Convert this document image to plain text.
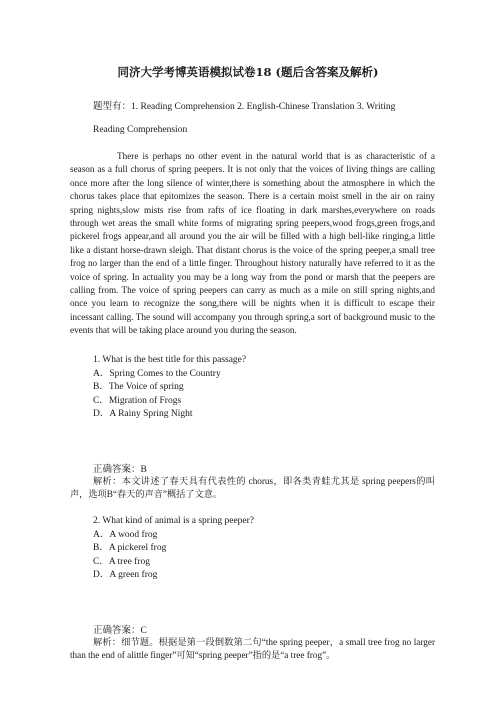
同济大学考博英语模拟试卷18 (题后含答案及解析)
题型有：1. Reading Comprehension 2. English-Chinese Translation 3. Writing
Reading Comprehension
There is perhaps no other event in the natural world that is as characteristic of a season as a full chorus of spring peepers. It is not only that the voices of living things are calling once more after the long silence of winter,there is something about the atmosphere in which the chorus takes place that epitomizes the season. There is a certain moist smell in the air on rainy spring nights,slow mists rise from rafts of ice floating in dark marshes,everywhere on roads through wet areas the small white forms of migrating spring peepers,wood frogs,green frogs,and pickerel frogs appear,and all around you the air will be filled with a high bell-like ringing,a little like a distant horse-drawn sleigh. That distant chorus is the voice of the spring peeper,a small tree frog no larger than the end of a little finger. Throughout history naturally have referred to it as the voice of spring. In actuality you may be a long way from the pond or marsh that the peepers are calling from. The voice of spring peepers can carry as much as a mile on still spring nights,and once you learn to recognize the song,there will be nights when it is difficult to escape their incessant calling. The sound will accompany you through spring,a sort of background music to the events that will be taking place around you during the season.

1. What is the best title for this passage?

A．Spring Comes to the Country

B．The Voice of spring

C．Migration of Frogs

D．A Rainy Spring Night

正确答案：B
解析：本文讲述了春天具有代表性的 chorus，即各类青蛙尤其是 spring peepers的叫声，选项B“春天的声音”概括了文意。

2. What kind of animal is a spring peeper?

A．A wood frog

B．A pickerel frog

C．A tree frog

D．A green frog

正确答案：C
解析：细节题。根据是第一段倒数第二句“the spring peeper，a small tree frog no larger than the end of alittle finger”可知“spring peeper”指的是“a tree frog”。
